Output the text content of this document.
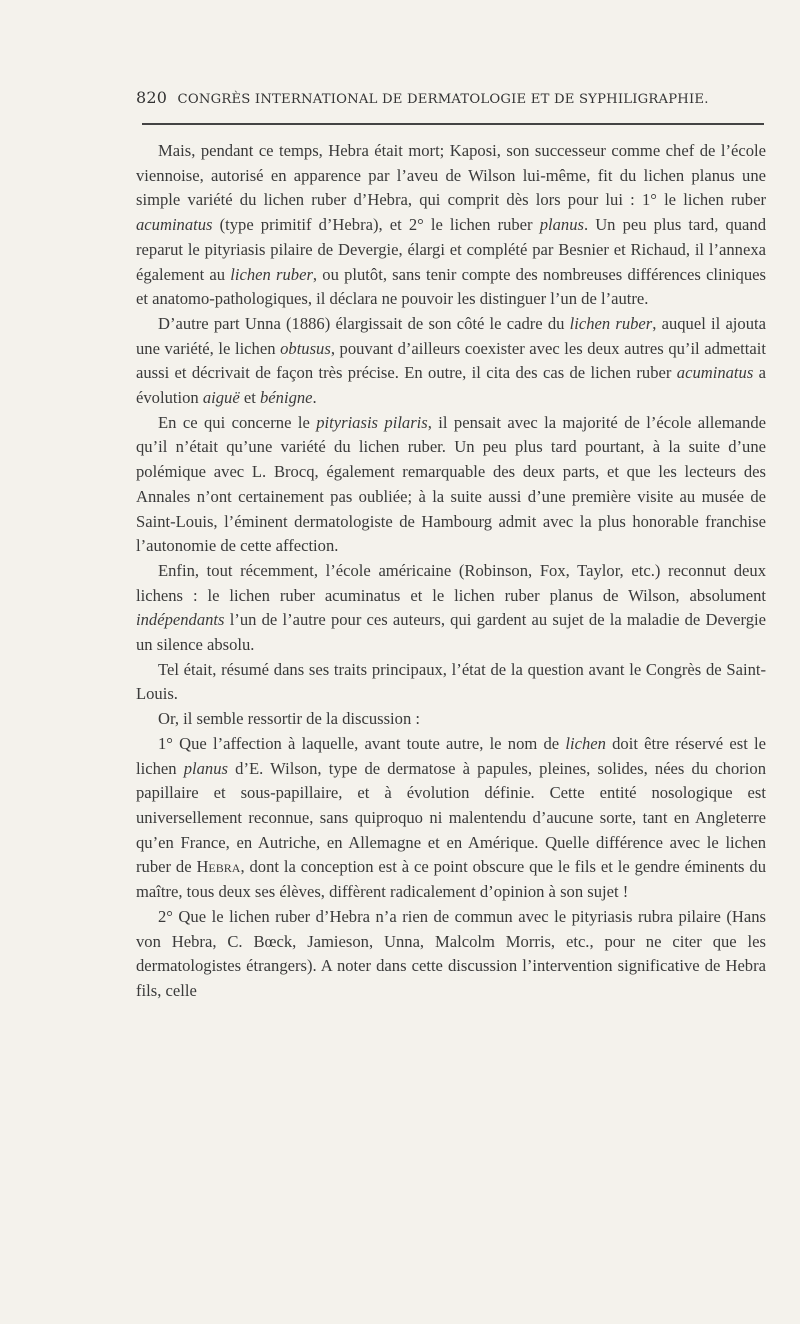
820 CONGRÈS INTERNATIONAL DE DERMATOLOGIE ET DE SYPHILIGRAPHIE.

Mais, pendant ce temps, Hebra était mort; Kaposi, son successeur comme chef de l’école viennoise, autorisé en apparence par l’aveu de Wilson lui-même, fit du lichen planus une simple variété du lichen ruber d’Hebra, qui comprit dès lors pour lui : 1° le lichen ruber acuminatus (type primitif d’Hebra), et 2° le lichen ruber planus. Un peu plus tard, quand reparut le pityriasis pilaire de Devergie, élargi et complété par Besnier et Richaud, il l’annexa également au lichen ruber, ou plutôt, sans tenir compte des nombreuses différences cliniques et anatomo-pathologiques, il déclara ne pouvoir les distinguer l’un de l’autre.

D’autre part Unna (1886) élargissait de son côté le cadre du lichen ruber, auquel il ajouta une variété, le lichen obtusus, pouvant d’ailleurs coexister avec les deux autres qu’il admettait aussi et décrivait de façon très précise. En outre, il cita des cas de lichen ruber acuminatus a évolution aiguë et bénigne.

En ce qui concerne le pityriasis pilaris, il pensait avec la majorité de l’école allemande qu’il n’était qu’une variété du lichen ruber. Un peu plus tard pourtant, à la suite d’une polémique avec L. Brocq, également remarquable des deux parts, et que les lecteurs des Annales n’ont certainement pas oubliée; à la suite aussi d’une première visite au musée de Saint-Louis, l’éminent dermatologiste de Hambourg admit avec la plus honorable franchise l’autonomie de cette affection.

Enfin, tout récemment, l’école américaine (Robinson, Fox, Taylor, etc.) reconnut deux lichens : le lichen ruber acuminatus et le lichen ruber planus de Wilson, absolument indépendants l’un de l’autre pour ces auteurs, qui gardent au sujet de la maladie de Devergie un silence absolu.

Tel était, résumé dans ses traits principaux, l’état de la question avant le Congrès de Saint-Louis.

Or, il semble ressortir de la discussion :

1° Que l’affection à laquelle, avant toute autre, le nom de lichen doit être réservé est le lichen planus d’E. Wilson, type de dermatose à papules, pleines, solides, nées du chorion papillaire et sous-papillaire, et à évolution définie. Cette entité nosologique est universellement reconnue, sans quiproquo ni malentendu d’aucune sorte, tant en Angleterre qu’en France, en Autriche, en Allemagne et en Amérique. Quelle différence avec le lichen ruber de Hebra, dont la conception est à ce point obscure que le fils et le gendre éminents du maître, tous deux ses élèves, diffèrent radicalement d’opinion à son sujet !

2° Que le lichen ruber d’Hebra n’a rien de commun avec le pityriasis rubra pilaire (Hans von Hebra, C. Bœck, Jamieson, Unna, Malcolm Morris, etc., pour ne citer que les dermatologistes étrangers). A noter dans cette discussion l’intervention significative de Hebra fils, celle
